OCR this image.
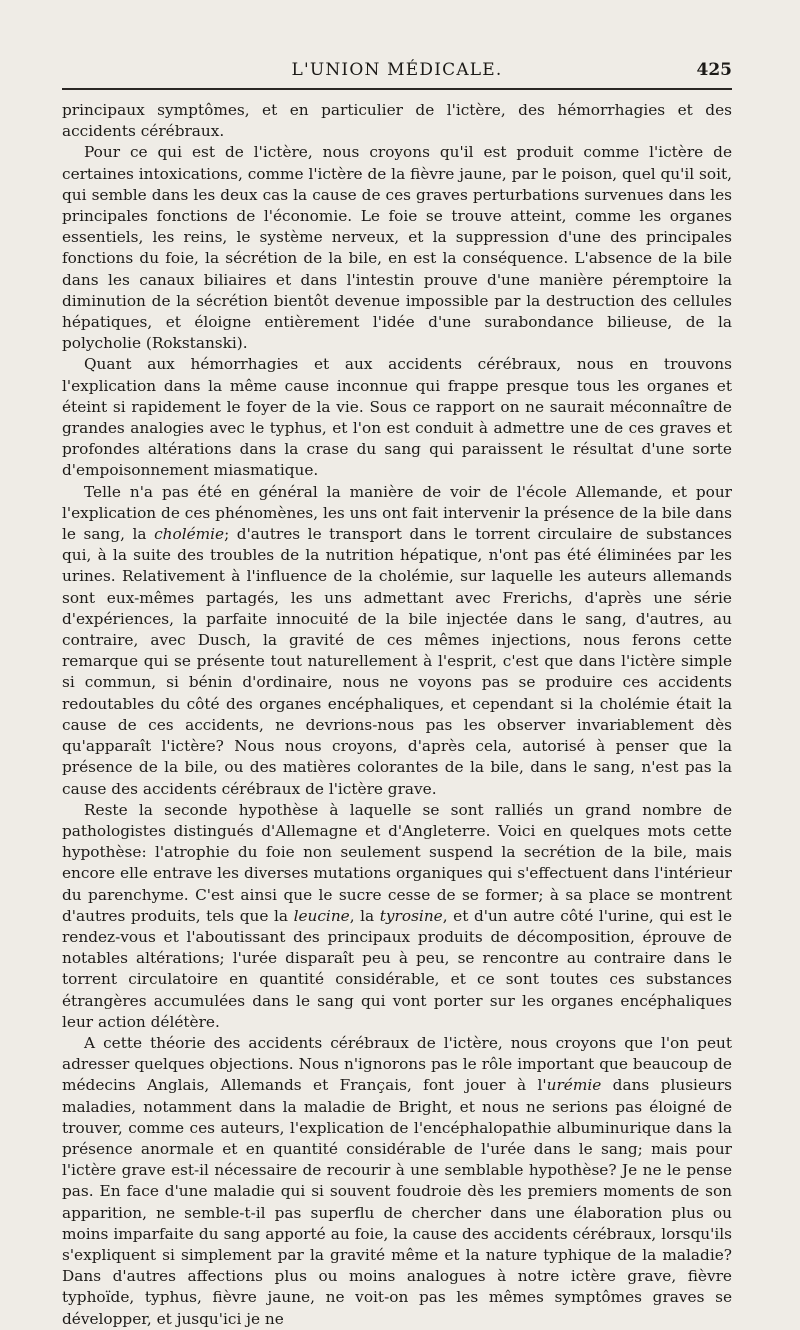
L'UNION MÉDICALE.	425

principaux symptômes, et en particulier de l'ictère, des hémorrhagies et des accidents cérébraux.

Pour ce qui est de l'ictère, nous croyons qu'il est produit comme l'ictère de certaines intoxications, comme l'ictère de la fièvre jaune, par le poison, quel qu'il soit, qui semble dans les deux cas la cause de ces graves perturbations survenues dans les principales fonctions de l'économie. Le foie se trouve atteint, comme les organes essentiels, les reins, le système nerveux, et la suppression d'une des principales fonctions du foie, la sécrétion de la bile, en est la conséquence. L'absence de la bile dans les canaux biliaires et dans l'intestin prouve d'une manière péremptoire la diminution de la sécrétion bientôt devenue impossible par la destruction des cellules hépatiques, et éloigne entièrement l'idée d'une surabondance bilieuse, de la polycholie (Rokstanski).

Quant aux hémorrhagies et aux accidents cérébraux, nous en trouvons l'explication dans la même cause inconnue qui frappe presque tous les organes et éteint si rapidement le foyer de la vie. Sous ce rapport on ne saurait méconnaître de grandes analogies avec le typhus, et l'on est conduit à admettre une de ces graves et profondes altérations dans la crase du sang qui paraissent le résultat d'une sorte d'empoisonnement miasmatique.

Telle n'a pas été en général la manière de voir de l'école Allemande, et pour l'explication de ces phénomènes, les uns ont fait intervenir la présence de la bile dans le sang, la cholémie; d'autres le transport dans le torrent circulaire de substances qui, à la suite des troubles de la nutrition hépatique, n'ont pas été éliminées par les urines. Relativement à l'influence de la cholémie, sur laquelle les auteurs allemands sont eux-mêmes partagés, les uns admettant avec Frerichs, d'après une série d'expériences, la parfaite innocuité de la bile injectée dans le sang, d'autres, au contraire, avec Dusch, la gravité de ces mêmes injections, nous ferons cette remarque qui se présente tout naturellement à l'esprit, c'est que dans l'ictère simple si commun, si bénin d'ordinaire, nous ne voyons pas se produire ces accidents redoutables du côté des organes encéphaliques, et cependant si la cholémie était la cause de ces accidents, ne devrions-nous pas les observer invariablement dès qu'apparaît l'ictère? Nous nous croyons, d'après cela, autorisé à penser que la présence de la bile, ou des matières colorantes de la bile, dans le sang, n'est pas la cause des accidents cérébraux de l'ictère grave.

Reste la seconde hypothèse à laquelle se sont ralliés un grand nombre de pathologistes distingués d'Allemagne et d'Angleterre. Voici en quelques mots cette hypothèse: l'atrophie du foie non seulement suspend la secrétion de la bile, mais encore elle entrave les diverses mutations organiques qui s'effectuent dans l'intérieur du parenchyme. C'est ainsi que le sucre cesse de se former; à sa place se montrent d'autres produits, tels que la leucine, la tyrosine, et d'un autre côté l'urine, qui est le rendez-vous et l'aboutissant des principaux produits de décomposition, éprouve de notables altérations; l'urée disparaît peu à peu, se rencontre au contraire dans le torrent circulatoire en quantité considérable, et ce sont toutes ces substances étrangères accumulées dans le sang qui vont porter sur les organes encéphaliques leur action délétère.

A cette théorie des accidents cérébraux de l'ictère, nous croyons que l'on peut adresser quelques objections. Nous n'ignorons pas le rôle important que beaucoup de médecins Anglais, Allemands et Français, font jouer à l'urémie dans plusieurs maladies, notamment dans la maladie de Bright, et nous ne serions pas éloigné de trouver, comme ces auteurs, l'explication de l'encéphalopathie albuminurique dans la présence anormale et en quantité considérable de l'urée dans le sang; mais pour l'ictère grave est-il nécessaire de recourir à une semblable hypothèse? Je ne le pense pas. En face d'une maladie qui si souvent foudroie dès les premiers moments de son apparition, ne semble-t-il pas superflu de chercher dans une élaboration plus ou moins imparfaite du sang apporté au foie, la cause des accidents cérébraux, lorsqu'ils s'expliquent si simplement par la gravité même et la nature typhique de la maladie? Dans d'autres affections plus ou moins analogues à notre ictère grave, fièvre typhoïde, typhus, fièvre jaune, ne voit-on pas les mêmes symptômes graves se développer, et jusqu'ici je ne
